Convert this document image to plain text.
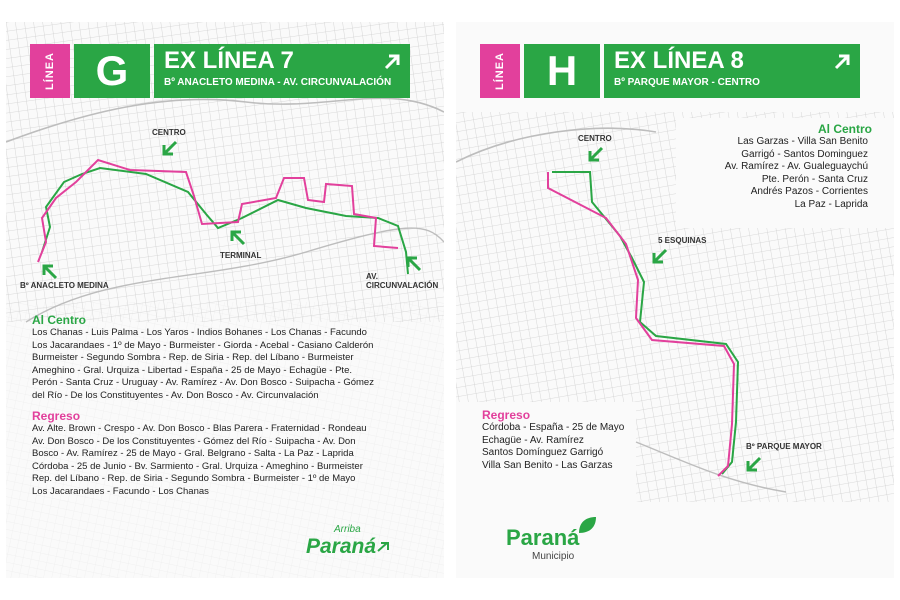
LÍNEA G	EX LÍNEA 7
Bº ANACLETO MEDINA - AV. CIRCUNVALACIÓN
CENTRO
TERMINAL
AV. CIRCUNVALACIÓN
Bº ANACLETO MEDINA
Al Centro
Los Chanas - Luis Palma - Los Yaros - Indios Bohanes - Los Chanas - Facundo
Los Jacarandaes - 1º de Mayo - Burmeister - Giorda - Acebal - Casiano Calderón
Burmeister - Segundo Sombra - Rep. de Siria - Rep. del Líbano - Burmeister
Ameghino - Gral. Urquiza - Libertad - España - 25 de Mayo - Echagüe - Pte.
Perón - Santa Cruz - Uruguay - Av. Ramírez - Av. Don Bosco - Suipacha - Gómez
del Río - De los Constituyentes - Av. Don Bosco - Av. Circunvalación
Regreso
Av. Alte. Brown - Crespo - Av. Don Bosco - Blas Parera - Fraternidad - Rondeau
Av. Don Bosco - De los Constituyentes - Gómez del Río - Suipacha - Av. Don
Bosco - Av. Ramírez - 25 de Mayo - Gral. Belgrano - Salta - La Paz - Laprida
Córdoba - 25 de Junio - Bv. Sarmiento - Gral. Urquiza - Ameghino - Burmeister
Rep. del Líbano - Rep. de Siria - Segundo Sombra - Burmeister - 1º de Mayo
Los Jacarandaes - Facundo - Los Chanas
Arriba
Paraná
LÍNEA H	EX LÍNEA 8
Bº PARQUE MAYOR - CENTRO
CENTRO
5 ESQUINAS
Bº PARQUE MAYOR
Al Centro
Las Garzas - Villa San Benito
Garrigó - Santos Dominguez
Av. Ramírez - Av. Gualeguaychú
Pte. Perón - Santa Cruz
Andrés Pazos - Corrientes
La Paz - Laprida
Regreso
Córdoba - España - 25 de Mayo
Echagüe - Av. Ramírez
Santos Domínguez Garrigó
Villa San Benito - Las Garzas
Paraná
Municipio
